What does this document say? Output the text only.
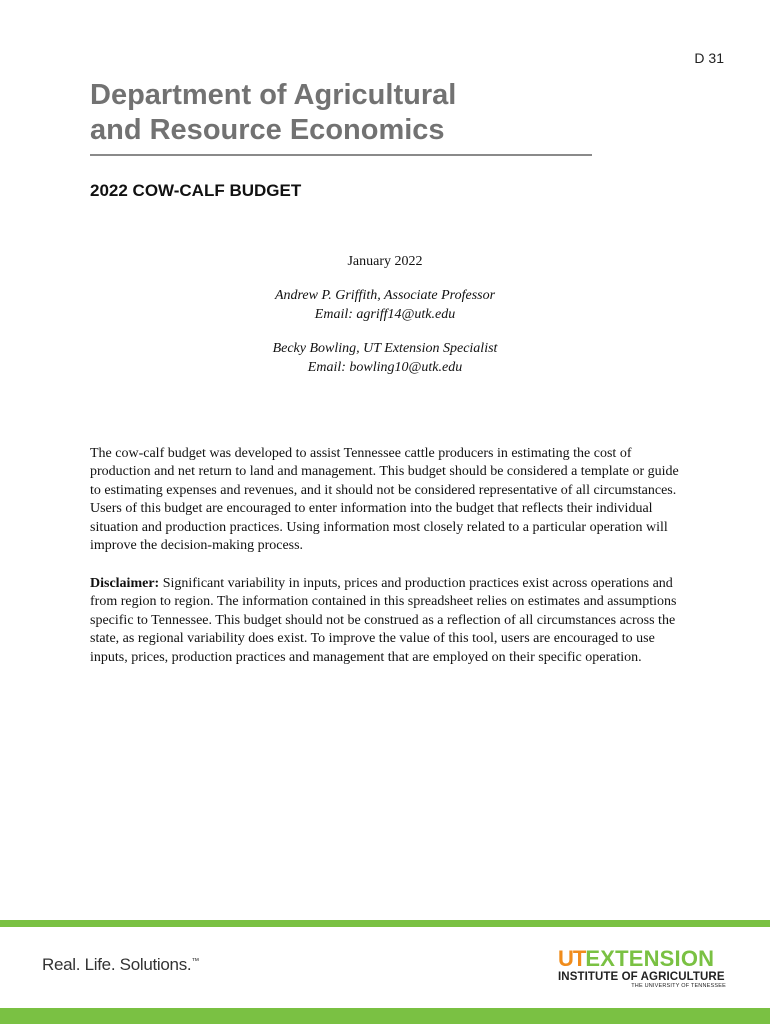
D 31
Department of Agricultural
and Resource Economics
2022 COW-CALF BUDGET
January 2022
Andrew P. Griffith, Associate Professor
Email: agriff14@utk.edu
Becky Bowling, UT Extension Specialist
Email: bowling10@utk.edu

The cow-calf budget was developed to assist Tennessee cattle producers in estimating the cost of production and net return to land and management. This budget should be considered a template or guide to estimating expenses and revenues, and it should not be considered representative of all circumstances. Users of this budget are encouraged to enter information into the budget that reflects their individual situation and production practices. Using information most closely related to a particular operation will improve the decision-making process.

Disclaimer: Significant variability in inputs, prices and production practices exist across operations and from region to region. The information contained in this spreadsheet relies on estimates and assumptions specific to Tennessee. This budget should not be construed as a reflection of all circumstances across the state, as regional variability does exist. To improve the value of this tool, users are encouraged to use inputs, prices, production practices and management that are employed on their specific operation.

Real. Life. Solutions.™	UT EXTENSION
INSTITUTE OF AGRICULTURE
THE UNIVERSITY OF TENNESSEE
